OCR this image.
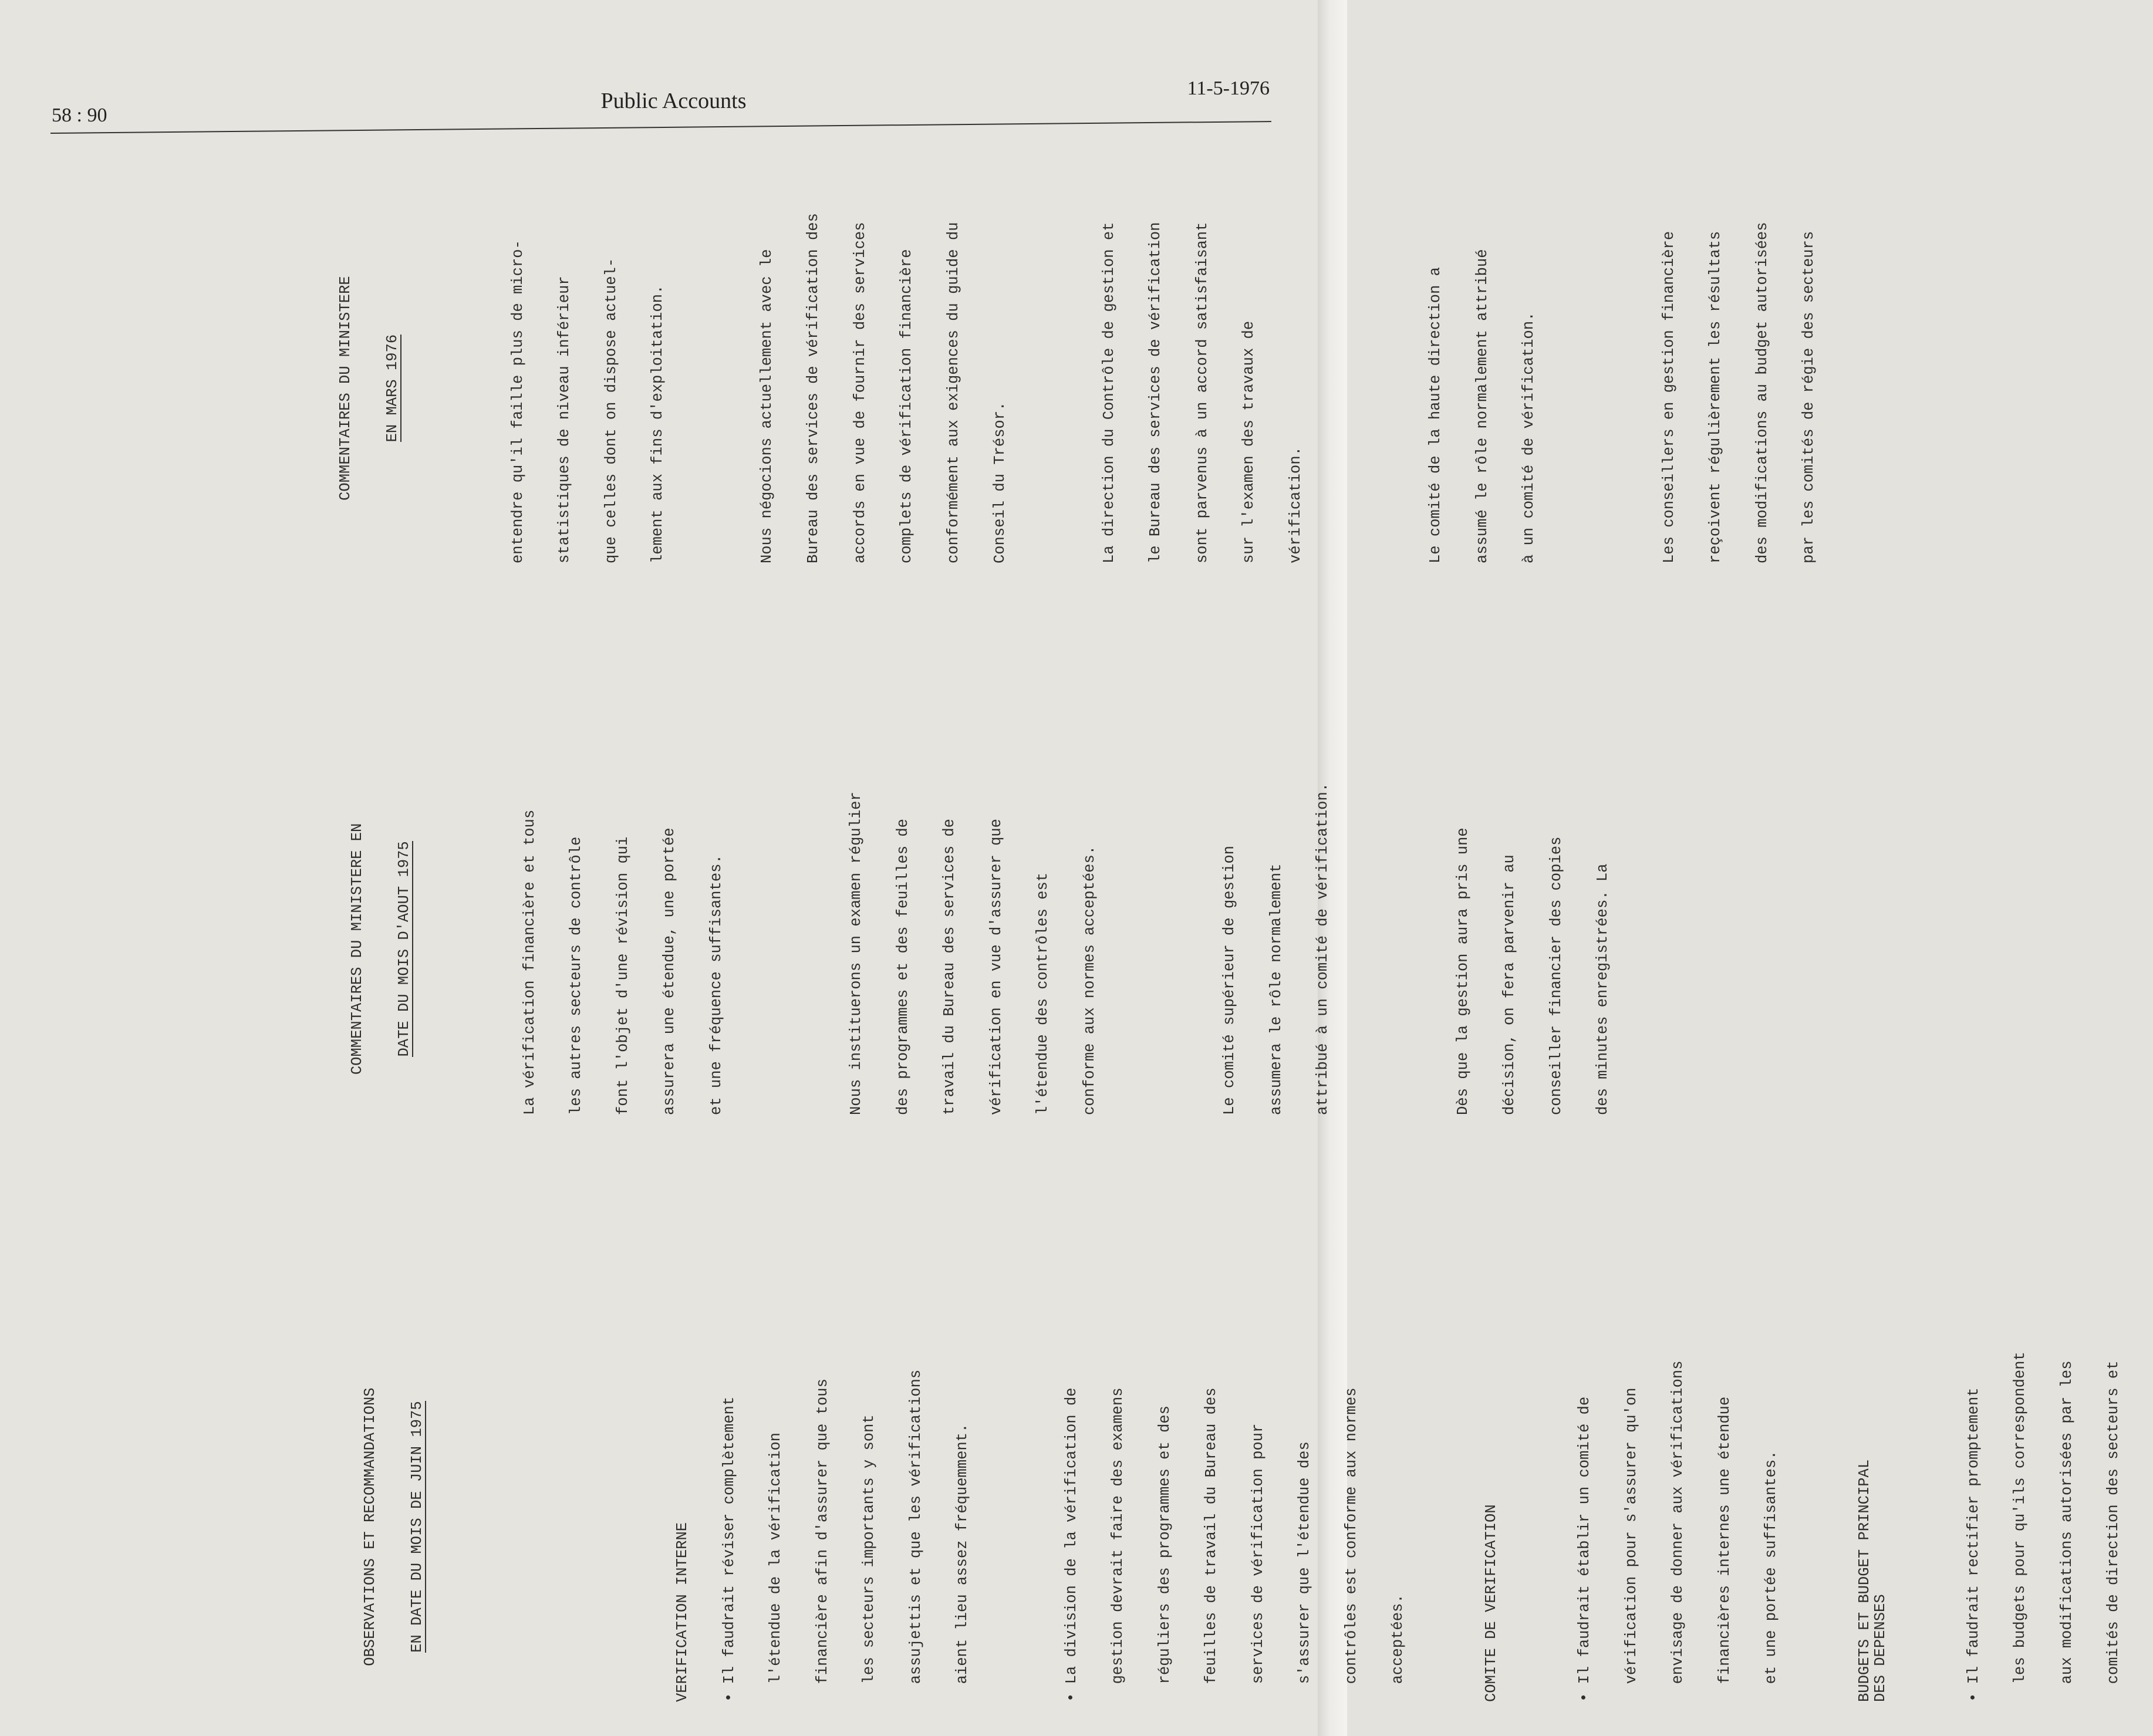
58 : 90
Public Accounts
11-5-1976

OBSERVATIONS ET RECOMMANDATIONS

EN DATE DU MOIS DE JUIN 1975

	VERIFICATION INTERNE

• Il faudrait réviser complètement

l'étendue de la vérification

financière afin d'assurer que tous

les secteurs importants y sont

assujettis et que les vérifications

aient lieu assez fréquemment.

	• La division de la vérification de

gestion devrait faire des examens

réguliers des programmes et des

feuilles de travail du Bureau des

services de vérification pour

s'assurer que l'étendue des

contrôles est conforme aux normes

acceptées.

	COMITE DE VERIFICATION

	• Il faudrait établir un comité de

vérification pour s'assurer qu'on

envisage de donner aux vérifications

financières internes une étendue

et une portée suffisantes.

	BUDGETS ET BUDGET PRINCIPAL
DES DEPENSES

	• Il faudrait rectifier promptement

les budgets pour qu'ils correspondent

aux modifications autorisées par les

comités de direction des secteurs et

COMMENTAIRES DU MINISTERE EN

DATE DU MOIS D'AOUT 1975

	La vérification financière et tous

les autres secteurs de contrôle

font l'objet d'une révision qui

assurera une étendue, une portée

et une fréquence suffisantes.

	Nous instituerons un examen régulier

des programmes et des feuilles de

travail du Bureau des services de

vérification en vue d'assurer que

l'étendue des contrôles est

conforme aux normes acceptées.

	Le comité supérieur de gestion

assumera le rôle normalement

attribué à un comité de vérification.

	Dès que la gestion aura pris une

décision, on fera parvenir au

conseiller financier des copies

des minutes enregistrées. La

COMMENTAIRES DU MINISTERE

EN MARS 1976

	entendre qu'il faille plus de micro-

statistiques de niveau inférieur

que celles dont on dispose actuel-

lement aux fins d'exploitation.

	Nous négocions actuellement avec le

Bureau des services de vérification des

accords en vue de fournir des services

complets de vérification financière

conformément aux exigences du guide du

Conseil du Trésor.

	La direction du Contrôle de gestion et

le Bureau des services de vérification

sont parvenus à un accord satisfaisant

sur l'examen des travaux de

vérification.

	Le comité de la haute direction a

assumé le rôle normalement attribué

à un comité de vérification.

	Les conseillers en gestion financière

reçoivent régulièrement les résultats

des modifications au budget autorisées

par les comités de régie des secteurs
